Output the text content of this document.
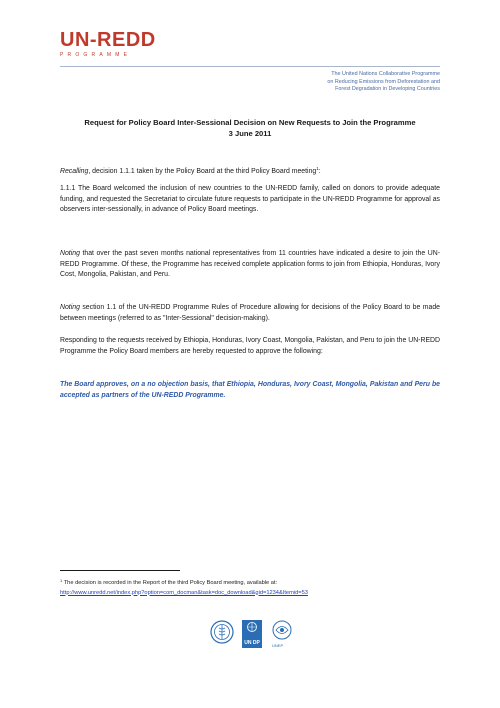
UN-REDD
PROGRAMME
The United Nations Collaborative Programme
on Reducing Emissions from Deforestation and
Forest Degradation in Developing Countries
Request for Policy Board Inter-Sessional Decision on New Requests to Join the Programme
3 June 2011
Recalling, decision 1.1.1 taken by the Policy Board at the third Policy Board meeting$^1$:
1.1.1 The Board welcomed the inclusion of new countries to the UN-REDD family, called on donors to provide adequate funding, and requested the Secretariat to circulate future requests to participate in the UN-REDD Programme for approval as observers inter-sessionally, in advance of Policy Board meetings.
Noting that over the past seven months national representatives from 11 countries have indicated a desire to join the UN-REDD Programme. Of these, the Programme has received complete application forms to join from Ethiopia, Honduras, Ivory Cost, Mongolia, Pakistan, and Peru.
Noting section 1.1 of the UN-REDD Programme Rules of Procedure allowing for decisions of the Policy Board to be made between meetings (referred to as "Inter-Sessional" decision-making).
Responding to the requests received by Ethiopia, Honduras, Ivory Coast, Mongolia, Pakistan, and Peru to join the UN-REDD Programme the Policy Board members are hereby requested to approve the following:
The Board approves, on a no objection basis, that Ethiopia, Honduras, Ivory Coast, Mongolia, Pakistan and Peru be accepted as partners of the UN-REDD Programme.
$^1$ The decision is recorded in the Report of the third Policy Board meeting, available at:
http://www.unredd.net/index.php?option=com_docman&task=doc_download&gid=1234&Itemid=53
UN DP	UNEP
